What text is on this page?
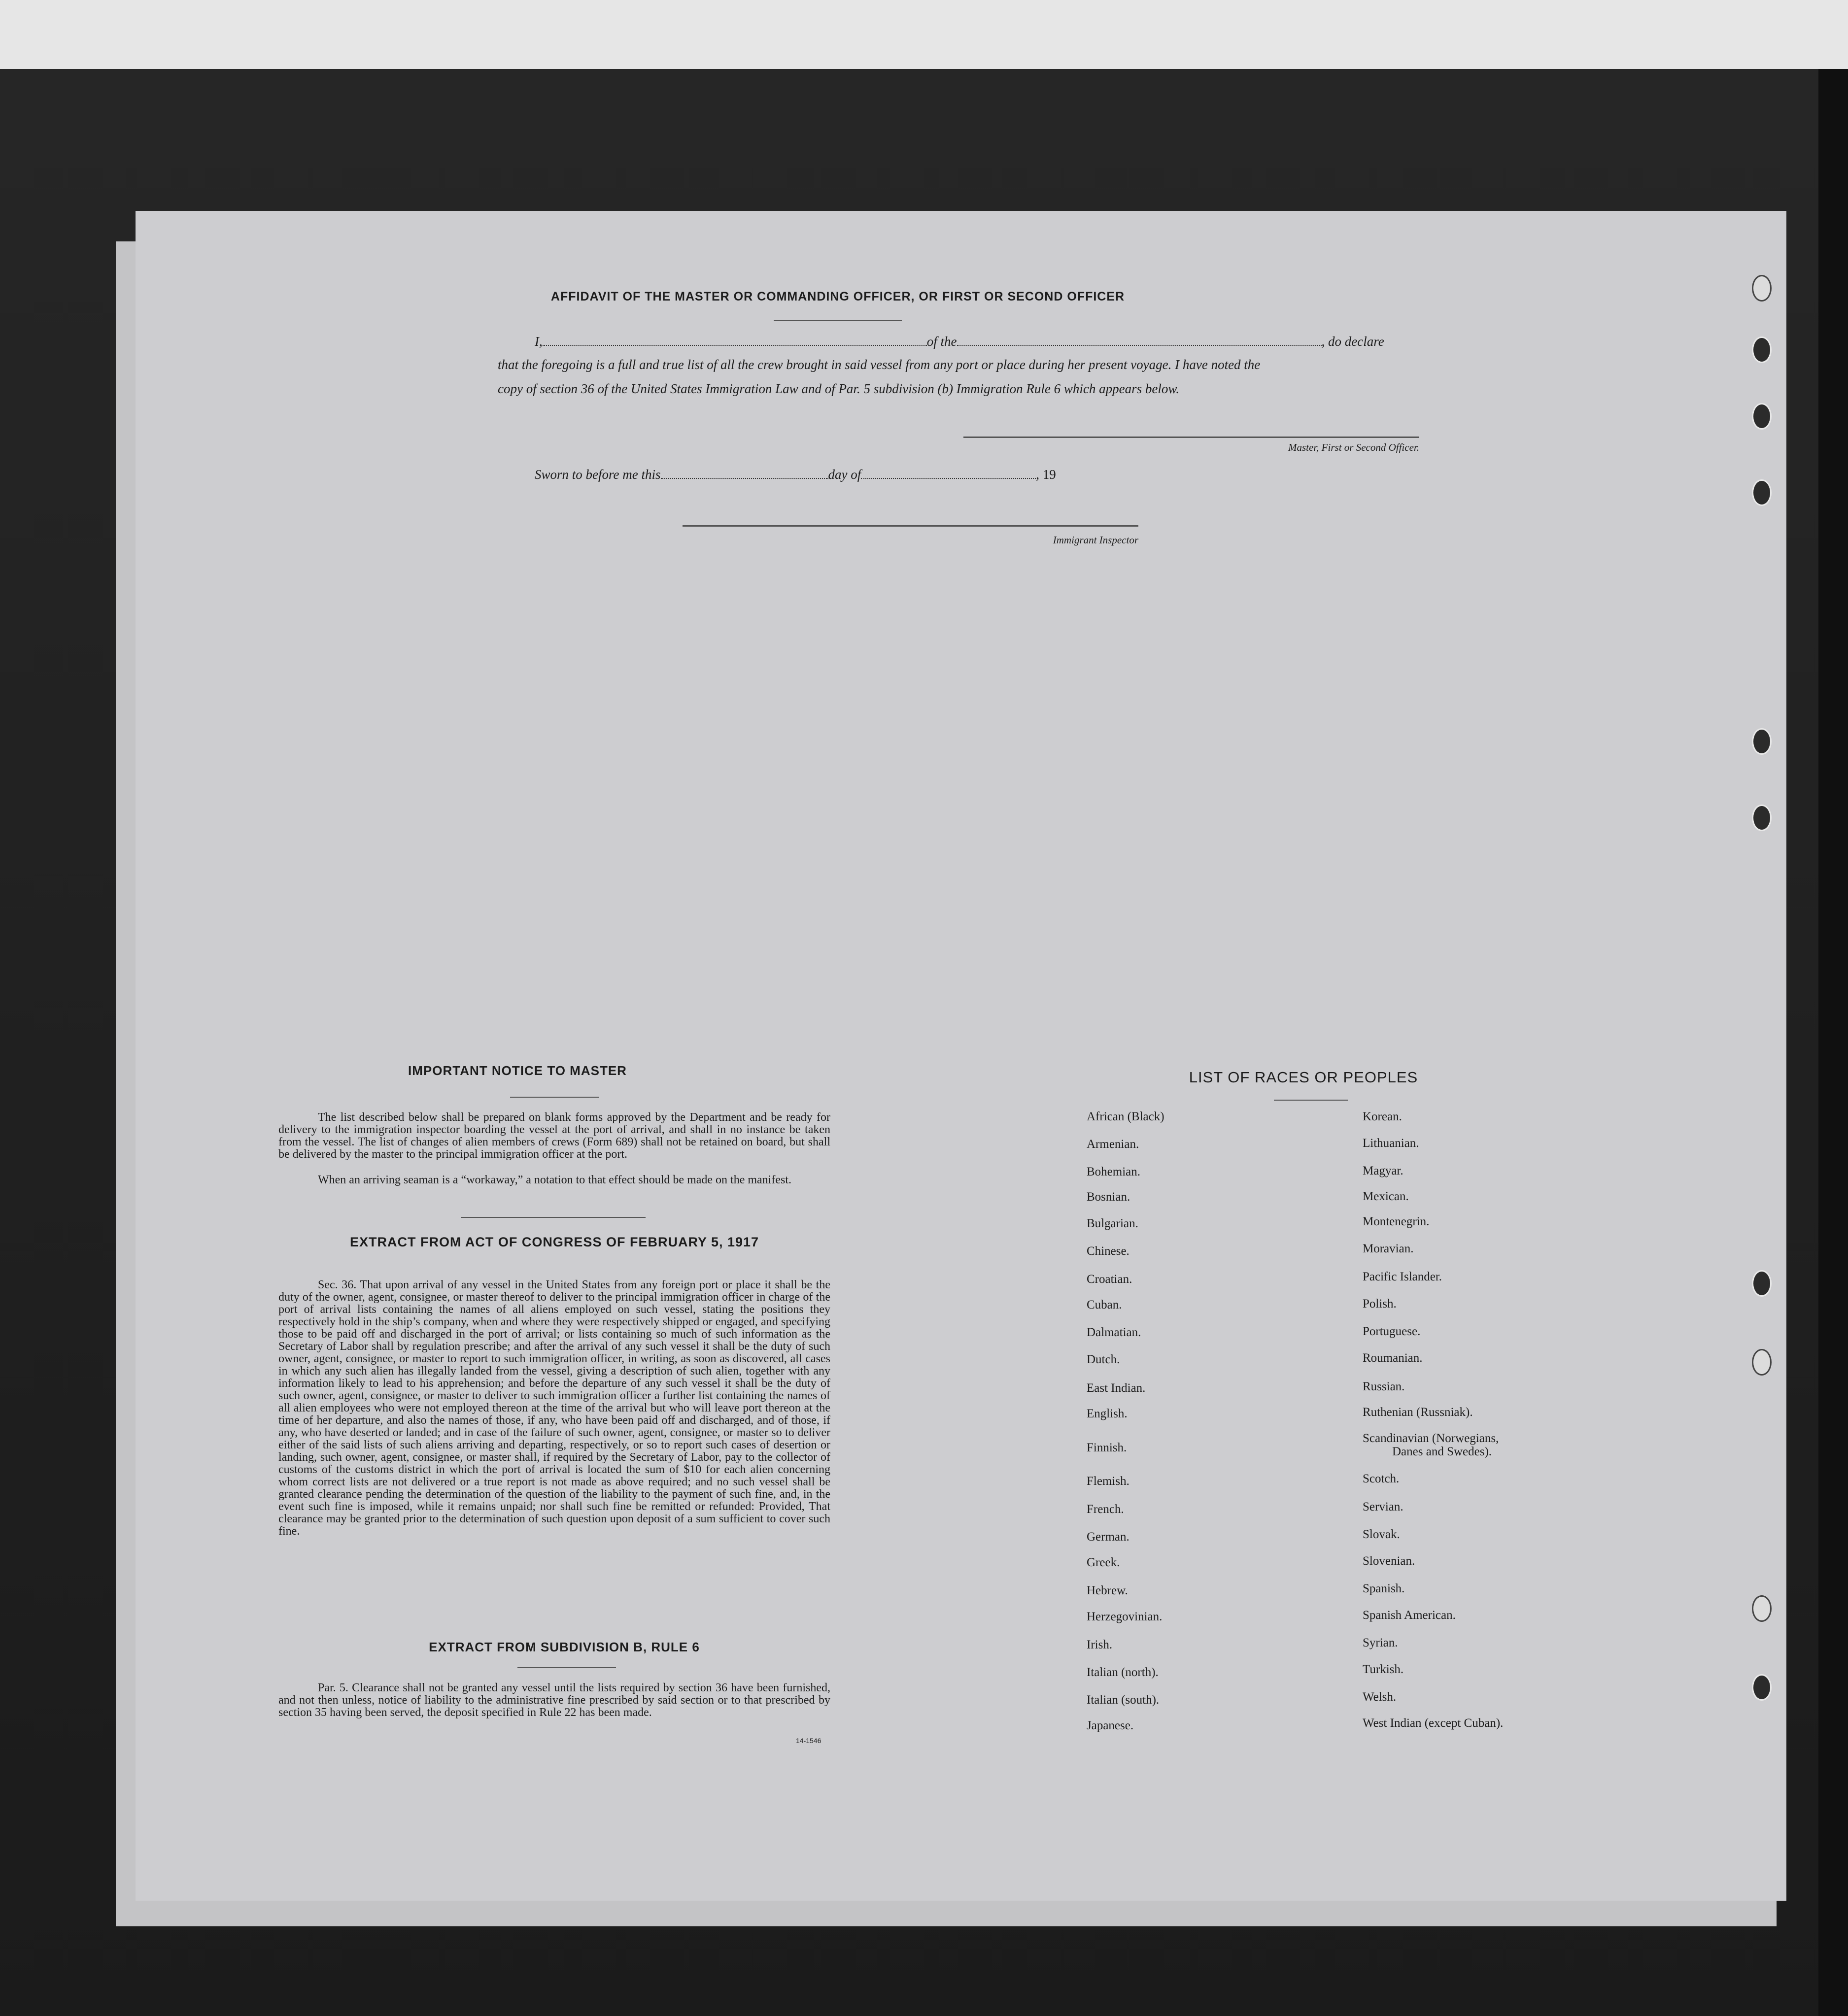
AFFIDAVIT OF THE MASTER OR COMMANDING OFFICER, OR FIRST OR SECOND OFFICER
I,	of the	, do declare
that the foregoing is a full and true list of all the crew brought in said vessel from any port or place during her present voyage. I have noted the
copy of section 36 of the United States Immigration Law and of Par. 5 subdivision (b) Immigration Rule 6 which appears below.
Master, First or Second Officer.
Sworn to before me this	day of	, 19
Immigrant Inspector
IMPORTANT NOTICE TO MASTER
The list described below shall be prepared on blank forms approved by the Department and be ready for delivery to the immigration inspector boarding the vessel at the port of arrival, and shall in no instance be taken from the vessel. The list of changes of alien members of crews (Form 689) shall not be retained on board, but shall be delivered by the master to the principal immigration officer at the port.
When an arriving seaman is a “workaway,” a notation to that effect should be made on the manifest.
EXTRACT FROM ACT OF CONGRESS OF FEBRUARY 5, 1917
Sec. 36. That upon arrival of any vessel in the United States from any foreign port or place it shall be the duty of the owner, agent, consignee, or master thereof to deliver to the principal immigration officer in charge of the port of arrival lists containing the names of all aliens employed on such vessel, stating the positions they respectively hold in the ship’s company, when and where they were respectively shipped or engaged, and specifying those to be paid off and discharged in the port of arrival; or lists containing so much of such information as the Secretary of Labor shall by regulation prescribe; and after the arrival of any such vessel it shall be the duty of such owner, agent, consignee, or master to report to such immigration officer, in writing, as soon as discovered, all cases in which any such alien has illegally landed from the vessel, giving a description of such alien, together with any information likely to lead to his apprehension; and before the departure of any such vessel it shall be the duty of such owner, agent, consignee, or master to deliver to such immigration officer a further list containing the names of all alien employees who were not employed thereon at the time of the arrival but who will leave port thereon at the time of her departure, and also the names of those, if any, who have been paid off and discharged, and of those, if any, who have deserted or landed; and in case of the failure of such owner, agent, consignee, or master so to deliver either of the said lists of such aliens arriving and departing, respectively, or so to report such cases of desertion or landing, such owner, agent, consignee, or master shall, if required by the Secretary of Labor, pay to the collector of customs of the customs district in which the port of arrival is located the sum of $10 for each alien concerning whom correct lists are not delivered or a true report is not made as above required; and no such vessel shall be granted clearance pending the determination of the question of the liability to the payment of such fine, and, in the event such fine is imposed, while it remains unpaid; nor shall such fine be remitted or refunded: Provided, That clearance may be granted prior to the determination of such question upon deposit of a sum sufficient to cover such fine.
EXTRACT FROM SUBDIVISION B, RULE 6
Par. 5. Clearance shall not be granted any vessel until the lists required by section 36 have been furnished, and not then unless, notice of liability to the administrative fine prescribed by said section or to that prescribed by section 35 having been served, the deposit specified in Rule 22 has been made.
14-1546
LIST OF RACES OR PEOPLES
African (Black)
Armenian.
Bohemian.
Bosnian.
Bulgarian.
Chinese.
Croatian.
Cuban.
Dalmatian.
Dutch.
East Indian.
English.
Finnish.
Flemish.
French.
German.
Greek.
Hebrew.
Herzegovinian.
Irish.
Italian (north).
Italian (south).
Japanese.
Korean.
Lithuanian.
Magyar.
Mexican.
Montenegrin.
Moravian.
Pacific Islander.
Polish.
Portuguese.
Roumanian.
Russian.
Ruthenian (Russniak).
Scandinavian (Norwegians,
Danes and Swedes).
Scotch.
Servian.
Slovak.
Slovenian.
Spanish.
Spanish American.
Syrian.
Turkish.
Welsh.
West Indian (except Cuban).
